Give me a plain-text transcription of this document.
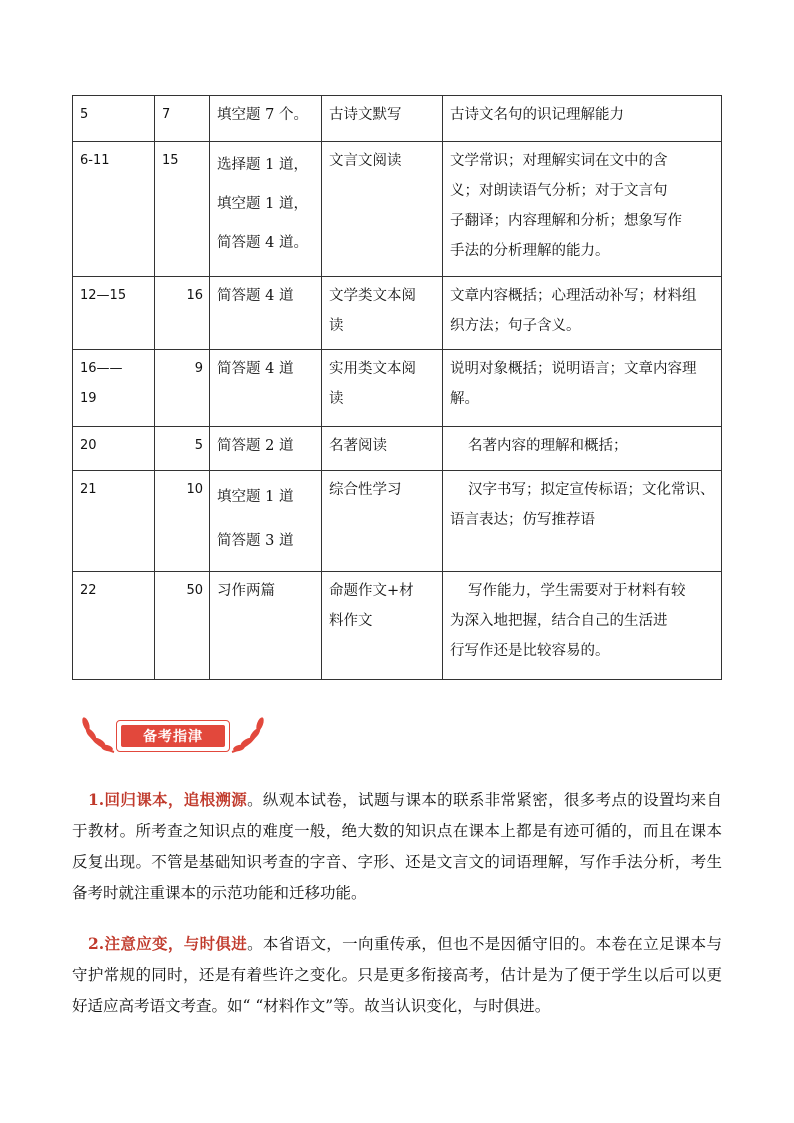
5	7	填空题 7 个。	古诗文默写	古诗文名句的识记理解能力

6-11	15	选择题 1 道，
填空题 1 道，
简答题 4 道。	文言文阅读	文学常识；对理解实词在文中的含
义；对朗读语气分析；对于文言句
子翻译；内容理解和分析；想象写作
手法的分析理解的能力。

12—15	16	简答题 4 道	文学类文本阅
读	文章内容概括；心理活动补写；材料组
织方法；句子含义。

16——
19	9	简答题 4 道	实用类文本阅
读	说明对象概括；说明语言；文章内容理
解。

20	5	简答题 2 道	名著阅读	名著内容的理解和概括；

21	10	填空题 1 道
简答题 3 道	综合性学习	汉字书写；拟定宣传标语；文化常识、
语言表达；仿写推荐语

22	50	习作两篇	命题作文+材
料作文	写作能力，学生需要对于材料有较
为深入地把握，结合自己的生活进
行写作还是比较容易的。
备考指津

1.回归课本，追根溯源。纵观本试卷，试题与课本的联系非常紧密，很多考点的设置均来自于教材。所考查之知识点的难度一般，绝大数的知识点在课本上都是有迹可循的，而且在课本反复出现。不管是基础知识考查的字音、字形、还是文言文的词语理解，写作手法分析，考生备考时就注重课本的示范功能和迁移功能。

2.注意应变，与时俱进。本省语文，一向重传承，但也不是因循守旧的。本卷在立足课本与守护常规的同时，还是有着些许之变化。只是更多衔接高考，估计是为了便于学生以后可以更好适应高考语文考查。如“ “材料作文”等。故当认识变化，与时俱进。
